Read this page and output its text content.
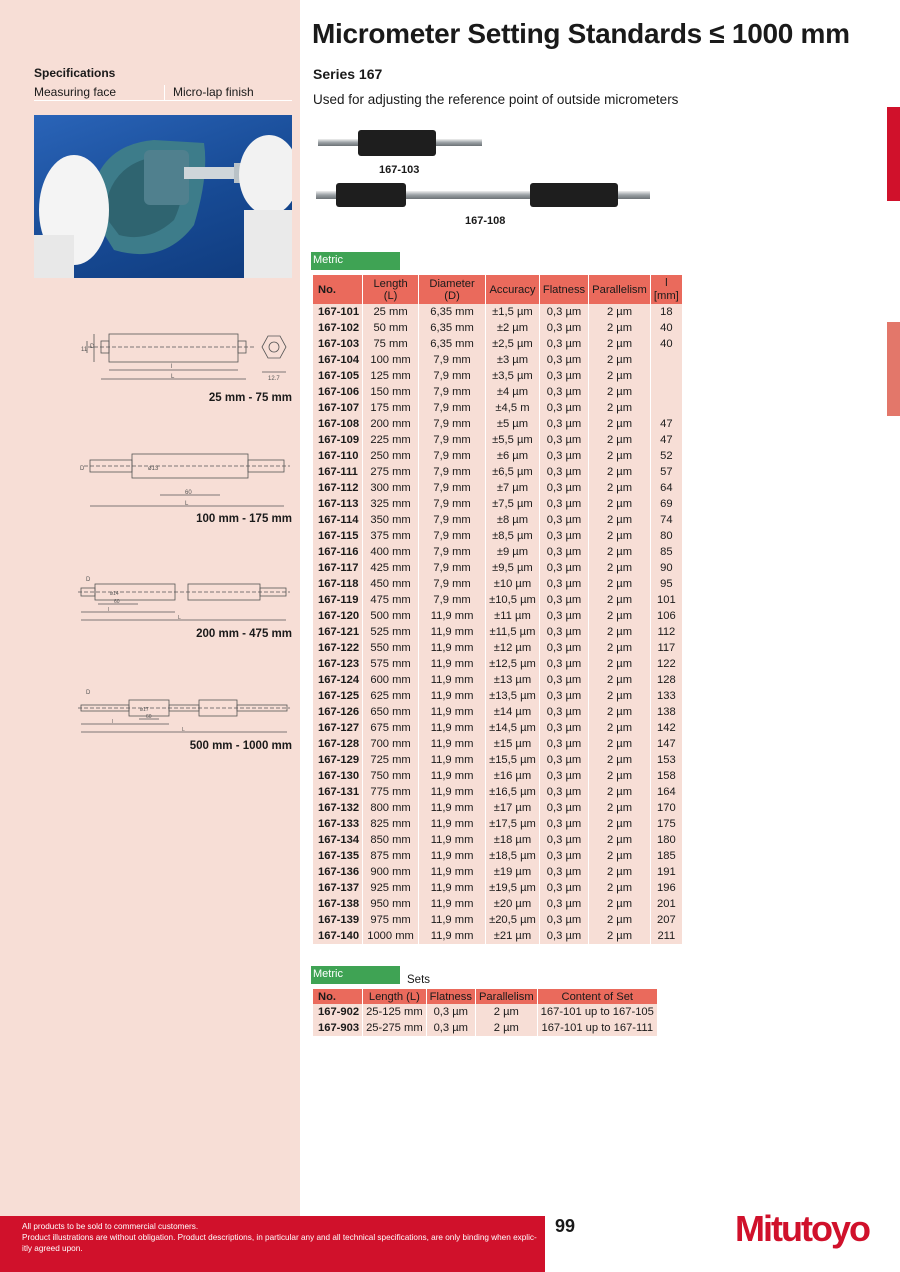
Specifications
Measuring face	Micro-lap finish
11 D
l
L	12.7
25 mm - 75 mm
D	ø13
60
L
100 mm - 175 mm
D
ø14
60
l
L
200 mm - 475 mm
D
ø17
60
l
L
500 mm - 1000 mm
Micrometer Setting Standards ≤ 1000 mm
Series 167
Used for adjusting the reference point of outside micrometers
167-103
167-108
Metric
No.	Length (L)	Diameter (D)	Accuracy	Flatness	Parallelism	l
[mm]
167-101	25 mm	6,35 mm	±1,5 µm	0,3 µm	2 µm	18
167-102	50 mm	6,35 mm	±2 µm	0,3 µm	2 µm	40
167-103	75 mm	6,35 mm	±2,5 µm	0,3 µm	2 µm	40
167-104	100 mm	7,9 mm	±3 µm	0,3 µm	2 µm	
167-105	125 mm	7,9 mm	±3,5 µm	0,3 µm	2 µm	
167-106	150 mm	7,9 mm	±4 µm	0,3 µm	2 µm	
167-107	175 mm	7,9 mm	±4,5 m	0,3 µm	2 µm	
167-108	200 mm	7,9 mm	±5 µm	0,3 µm	2 µm	47
167-109	225 mm	7,9 mm	±5,5 µm	0,3 µm	2 µm	47
167-110	250 mm	7,9 mm	±6 µm	0,3 µm	2 µm	52
167-111	275 mm	7,9 mm	±6,5 µm	0,3 µm	2 µm	57
167-112	300 mm	7,9 mm	±7 µm	0,3 µm	2 µm	64
167-113	325 mm	7,9 mm	±7,5 µm	0,3 µm	2 µm	69
167-114	350 mm	7,9 mm	±8 µm	0,3 µm	2 µm	74
167-115	375 mm	7,9 mm	±8,5 µm	0,3 µm	2 µm	80
167-116	400 mm	7,9 mm	±9 µm	0,3 µm	2 µm	85
167-117	425 mm	7,9 mm	±9,5 µm	0,3 µm	2 µm	90
167-118	450 mm	7,9 mm	±10 µm	0,3 µm	2 µm	95
167-119	475 mm	7,9 mm	±10,5 µm	0,3 µm	2 µm	101
167-120	500 mm	11,9 mm	±11 µm	0,3 µm	2 µm	106
167-121	525 mm	11,9 mm	±11,5 µm	0,3 µm	2 µm	112
167-122	550 mm	11,9 mm	±12 µm	0,3 µm	2 µm	117
167-123	575 mm	11,9 mm	±12,5 µm	0,3 µm	2 µm	122
167-124	600 mm	11,9 mm	±13 µm	0,3 µm	2 µm	128
167-125	625 mm	11,9 mm	±13,5 µm	0,3 µm	2 µm	133
167-126	650 mm	11,9 mm	±14 µm	0,3 µm	2 µm	138
167-127	675 mm	11,9 mm	±14,5 µm	0,3 µm	2 µm	142
167-128	700 mm	11,9 mm	±15 µm	0,3 µm	2 µm	147
167-129	725 mm	11,9 mm	±15,5 µm	0,3 µm	2 µm	153
167-130	750 mm	11,9 mm	±16 µm	0,3 µm	2 µm	158
167-131	775 mm	11,9 mm	±16,5 µm	0,3 µm	2 µm	164
167-132	800 mm	11,9 mm	±17 µm	0,3 µm	2 µm	170
167-133	825 mm	11,9 mm	±17,5 µm	0,3 µm	2 µm	175
167-134	850 mm	11,9 mm	±18 µm	0,3 µm	2 µm	180
167-135	875 mm	11,9 mm	±18,5 µm	0,3 µm	2 µm	185
167-136	900 mm	11,9 mm	±19 µm	0,3 µm	2 µm	191
167-137	925 mm	11,9 mm	±19,5 µm	0,3 µm	2 µm	196
167-138	950 mm	11,9 mm	±20 µm	0,3 µm	2 µm	201
167-139	975 mm	11,9 mm	±20,5 µm	0,3 µm	2 µm	207
167-140	1000 mm	11,9 mm	±21 µm	0,3 µm	2 µm	211
Metric	Sets
No.	Length (L)	Flatness	Parallelism	Content of Set
167-902	25-125 mm	0,3 µm	2 µm	167-101 up to 167-105
167-903	25-275 mm	0,3 µm	2 µm	167-101 up to 167-111
All products to be sold to commercial customers.
Product illustrations are without obligation. Product descriptions, in particular any and all technical specifications, are only binding when explic-
itly agreed upon.
99	Mitutoyo
